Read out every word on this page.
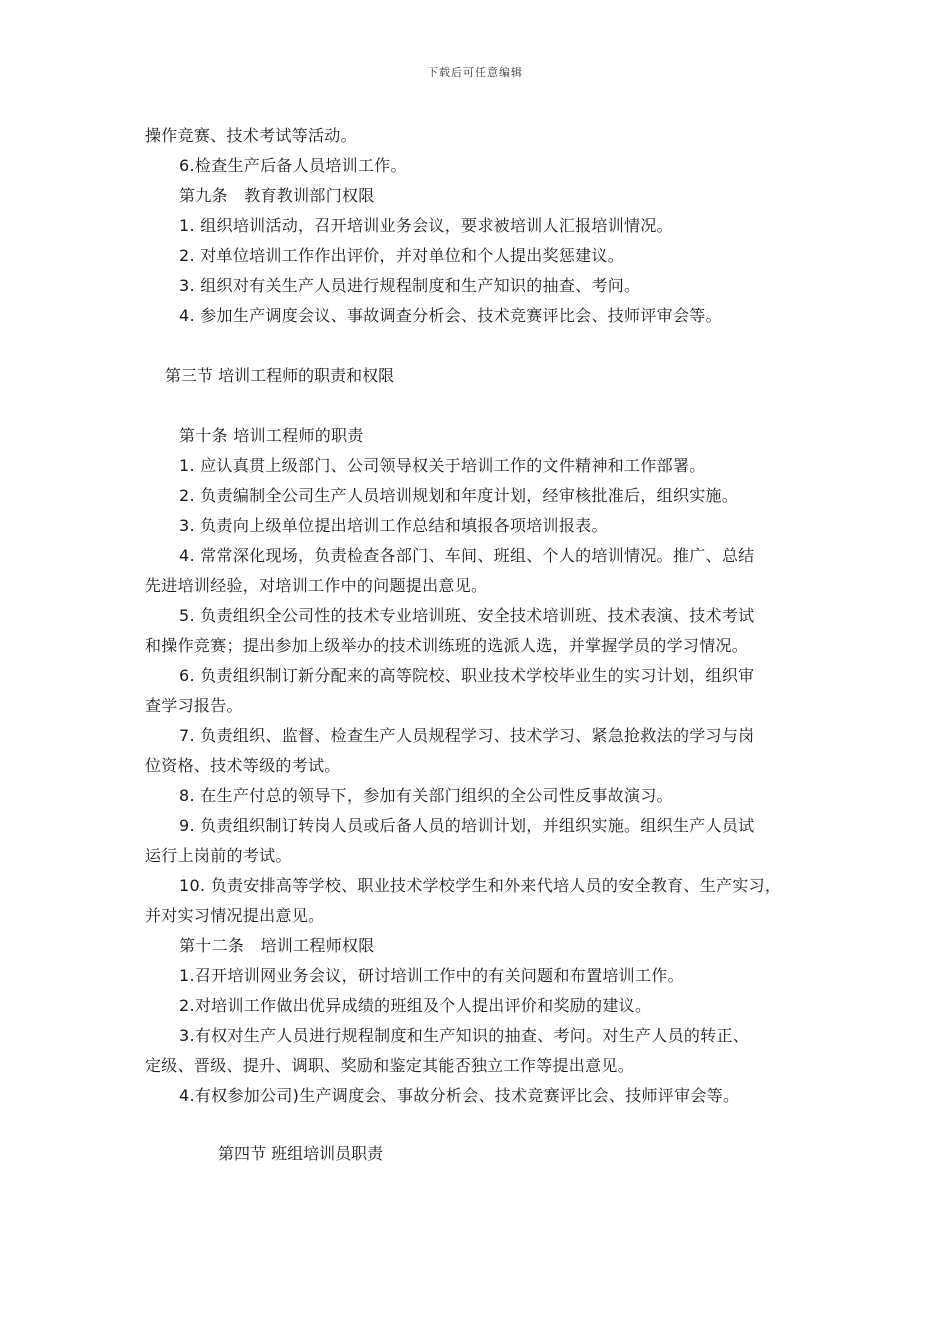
下载后可任意编辑
操作竞赛、技术考试等活动。
6.检查生产后备人员培训工作。
第九条　教育教训部门权限
1. 组织培训活动，召开培训业务会议，要求被培训人汇报培训情况。
2. 对单位培训工作作出评价，并对单位和个人提出奖惩建议。
3. 组织对有关生产人员进行规程制度和生产知识的抽查、考问。
4. 参加生产调度会议、事故调查分析会、技术竞赛评比会、技师评审会等。
第三节 培训工程师的职责和权限
第十条 培训工程师的职责
1. 应认真贯上级部门、公司领导权关于培训工作的文件精神和工作部署。
2. 负责编制全公司生产人员培训规划和年度计划，经审核批准后，组织实施。
3. 负责向上级单位提出培训工作总结和填报各项培训报表。
4. 常常深化现场，负责检查各部门、车间、班组、个人的培训情况。推广、总结
先进培训经验，对培训工作中的问题提出意见。
5. 负责组织全公司性的技术专业培训班、安全技术培训班、技术表演、技术考试
和操作竞赛；提出参加上级举办的技术训练班的选派人选，并掌握学员的学习情况。
6. 负责组织制订新分配来的高等院校、职业技术学校毕业生的实习计划，组织审
查学习报告。
7. 负责组织、监督、检查生产人员规程学习、技术学习、紧急抢救法的学习与岗
位资格、技术等级的考试。
8. 在生产付总的领导下，参加有关部门组织的全公司性反事故演习。
9. 负责组织制订转岗人员或后备人员的培训计划，并组织实施。组织生产人员试
运行上岗前的考试。
10. 负责安排高等学校、职业技术学校学生和外来代培人员的安全教育、生产实习，
并对实习情况提出意见。
第十二条　培训工程师权限
1.召开培训网业务会议，研讨培训工作中的有关问题和布置培训工作。
2.对培训工作做出优异成绩的班组及个人提出评价和奖励的建议。
3.有权对生产人员进行规程制度和生产知识的抽查、考问。对生产人员的转正、
定级、晋级、提升、调职、奖励和鉴定其能否独立工作等提出意见。
4.有权参加公司)生产调度会、事故分析会、技术竞赛评比会、技师评审会等。
第四节 班组培训员职责
